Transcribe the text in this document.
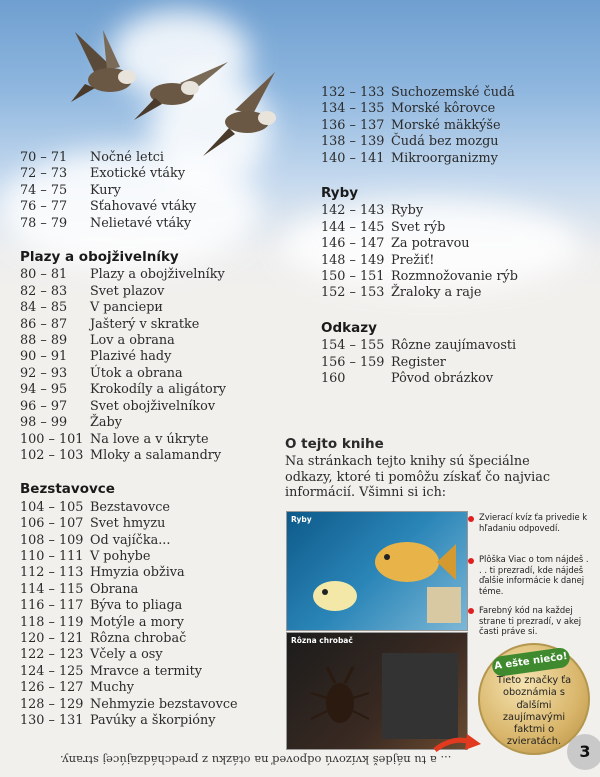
70 – 71	Nočné letci
72 – 73	Exotické vtáky
74 – 75	Kury
76 – 77	Sťahovavé vtáky
78 – 79	Nelietavé vtáky

Plazy a obojživelníky

80 – 81	Plazy a obojživelníky
82 – 83	Svet plazov
84 – 85	V panciери
86 – 87	Jašterý v skratke
88 – 89	Lov a obrana
90 – 91	Plazivé hady
92 – 93	Útok a obrana
94 – 95	Krokodíly a aligátory
96 – 97	Svet obojživelníkov
98 – 99	Žaby
100 – 101 Na love a v úkryte
102 – 103 Mloky a salamandry

Bezstavovce

104 – 105 Bezstavovce
106 – 107 Svet hmyzu
108 – 109 Od vajíčka...
110 – 111 V pohybe
112 – 113 Hmyzia obživa
114 – 115 Obrana
116 – 117 Bývа to pliaga
118 – 119 Motýle a mory
120 – 121 Rôzna chrobač
122 – 123 Včely a osy
124 – 125 Mravce a termity
126 – 127 Muchy
128 – 129 Nehmyzie bezstavovce
130 – 131 Pavúky a škorpióny
132 – 133 Suchozemské čudá
134 – 135 Morské kôrovce
136 – 137 Morské mäkkýše
138 – 139 Čudá bez mozgu
140 – 141 Mikroorganizmy

Ryby

142 – 143 Ryby
144 – 145 Svet rýb
146 – 147 Za potravou
148 – 149 Prežiť!
150 – 151 Rozmnožovanie rýb
152 – 153 Žraloky a raje

Odkazy

154 – 155 Rôzne zaujímavosti
156 – 159 Register
160	Pôvod obrázkov

O tejto knihe

Na stránkach tejto knihy sú špeciálne odkazy, ktoré ti pomôžu získať čo najviac informácií. Všimni si ich:

Ryby
Rôzna chrobač

Zvierací kvíz ťa privedie k hľadaniu odpovedí.

Plôška Viac o tom nájdeš . . . ti prezradí, kde nájdeš ďalšie informácie k danej téme.

Farebný kód na každej strane ti prezradí, v akej časti práve si.

A ešte niečo!

Tieto značky ťa oboznámia s ďalšími zaujímavými faktmi o zvieratách.

... a tu nájdeš kvízovú odpoveď na otázku z predchádzajúcej strany.	3
